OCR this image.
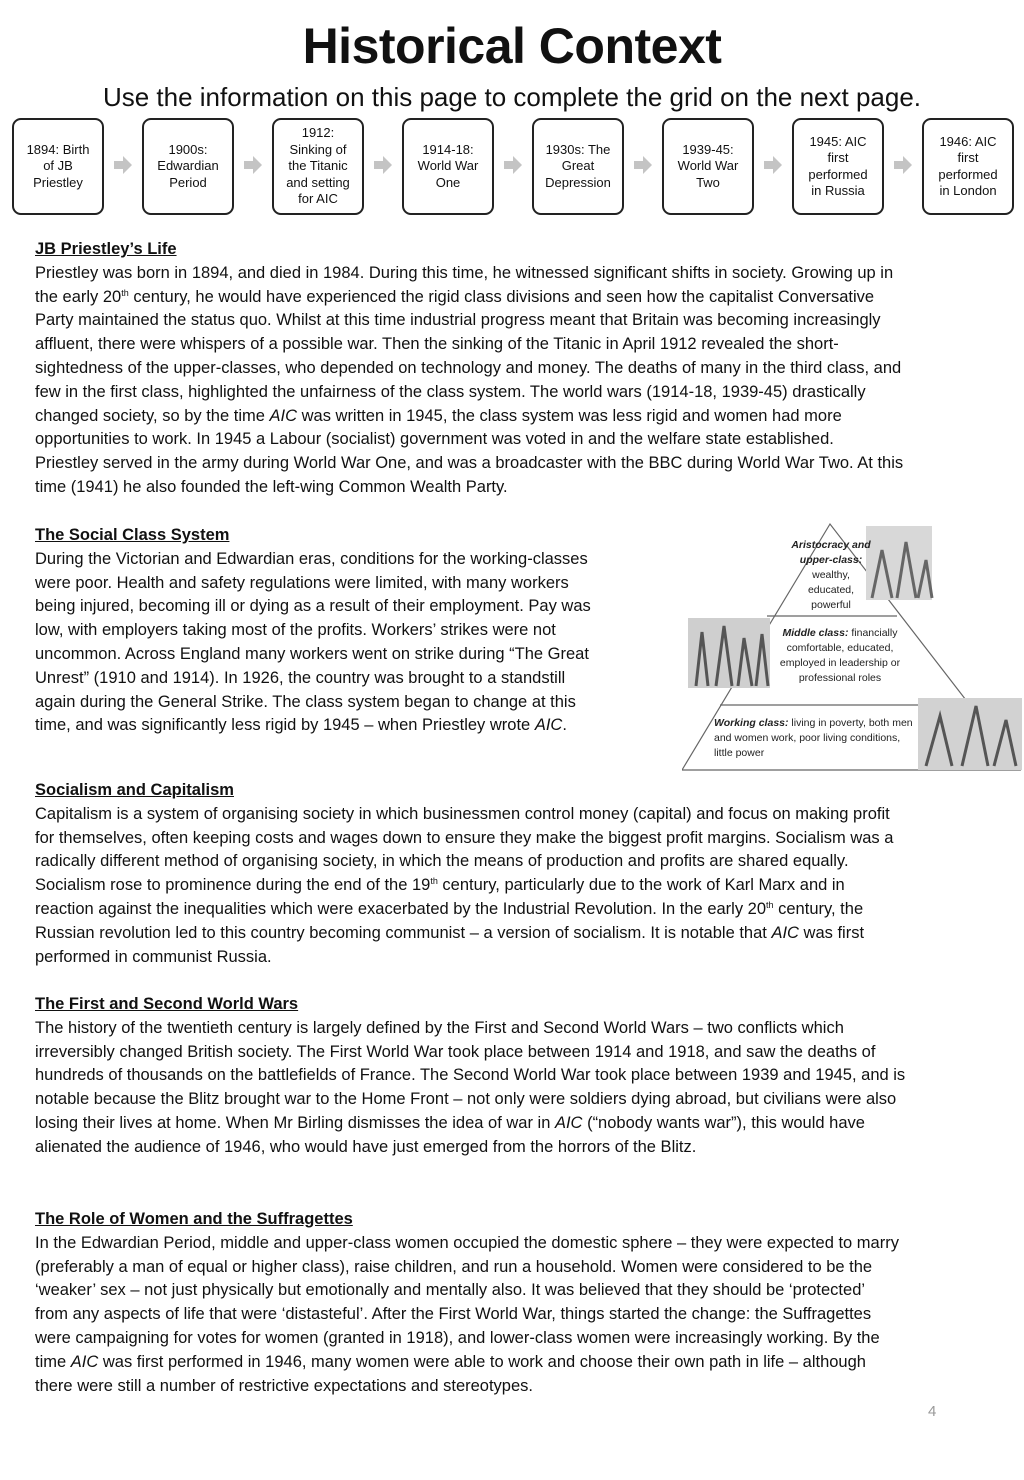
Historical Context
Use the information on this page to complete the grid on the next page.
1894: Birth
of JB
Priestley
1900s:
Edwardian
Period
1912:
Sinking of
the Titanic
and setting
for AIC
1914-18:
World War
One
1930s: The
Great
Depression
1939-45:
World War
Two
1945: AIC
first
performed
in Russia
1946: AIC
first
performed
in London
JB Priestley’s Life
Priestley was born in 1894, and died in 1984. During this time, he witnessed significant shifts in society. Growing up in
the early 20th century, he would have experienced the rigid class divisions and seen how the capitalist Conversative
Party maintained the status quo. Whilst at this time industrial progress meant that Britain was becoming increasingly
affluent, there were whispers of a possible war. Then the sinking of the Titanic in April 1912 revealed the short-
sightedness of the upper-classes, who depended on technology and money. The deaths of many in the third class, and
few in the first class, highlighted the unfairness of the class system. The world wars (1914-18, 1939-45) drastically
changed society, so by the time AIC was written in 1945, the class system was less rigid and women had more
opportunities to work. In 1945 a Labour (socialist) government was voted in and the welfare state established.
Priestley served in the army during World War One, and was a broadcaster with the BBC during World War Two. At this
time (1941) he also founded the left-wing Common Wealth Party.
The Social Class System
During the Victorian and Edwardian eras, conditions for the working-classes
were poor. Health and safety regulations were limited, with many workers
being injured, becoming ill or dying as a result of their employment. Pay was
low, with employers taking most of the profits. Workers’ strikes were not
uncommon. Across England many workers went on strike during “The Great
Unrest” (1910 and 1914). In 1926, the country was brought to a standstill
again during the General Strike. The class system began to change at this
time, and was significantly less rigid by 1945 – when Priestley wrote AIC.
Aristocracy and upper-class:
wealthy, educated, powerful
Middle class: financially comfortable, educated, employed in leadership or professional roles
Working class: living in poverty, both men and women work, poor living conditions, little power
Socialism and Capitalism
Capitalism is a system of organising society in which businessmen control money (capital) and focus on making profit
for themselves, often keeping costs and wages down to ensure they make the biggest profit margins. Socialism was a
radically different method of organising society, in which the means of production and profits are shared equally.
Socialism rose to prominence during the end of the 19th century, particularly due to the work of Karl Marx and in
reaction against the inequalities which were exacerbated by the Industrial Revolution. In the early 20th century, the
Russian revolution led to this country becoming communist – a version of socialism. It is notable that AIC was first
performed in communist Russia.
The First and Second World Wars
The history of the twentieth century is largely defined by the First and Second World Wars – two conflicts which
irreversibly changed British society. The First World War took place between 1914 and 1918, and saw the deaths of
hundreds of thousands on the battlefields of France. The Second World War took place between 1939 and 1945, and is
notable because the Blitz brought war to the Home Front – not only were soldiers dying abroad, but civilians were also
losing their lives at home. When Mr Birling dismisses the idea of war in AIC (“nobody wants war”), this would have
alienated the audience of 1946, who would have just emerged from the horrors of the Blitz.
The Role of Women and the Suffragettes
In the Edwardian Period, middle and upper-class women occupied the domestic sphere – they were expected to marry
(preferably a man of equal or higher class), raise children, and run a household. Women were considered to be the
‘weaker’ sex – not just physically but emotionally and mentally also. It was believed that they should be ‘protected’
from any aspects of life that were ‘distasteful’. After the First World War, things started the change: the Suffragettes
were campaigning for votes for women (granted in 1918), and lower-class women were increasingly working. By the
time AIC was first performed in 1946, many women were able to work and choose their own path in life – although
there were still a number of restrictive expectations and stereotypes.
4
